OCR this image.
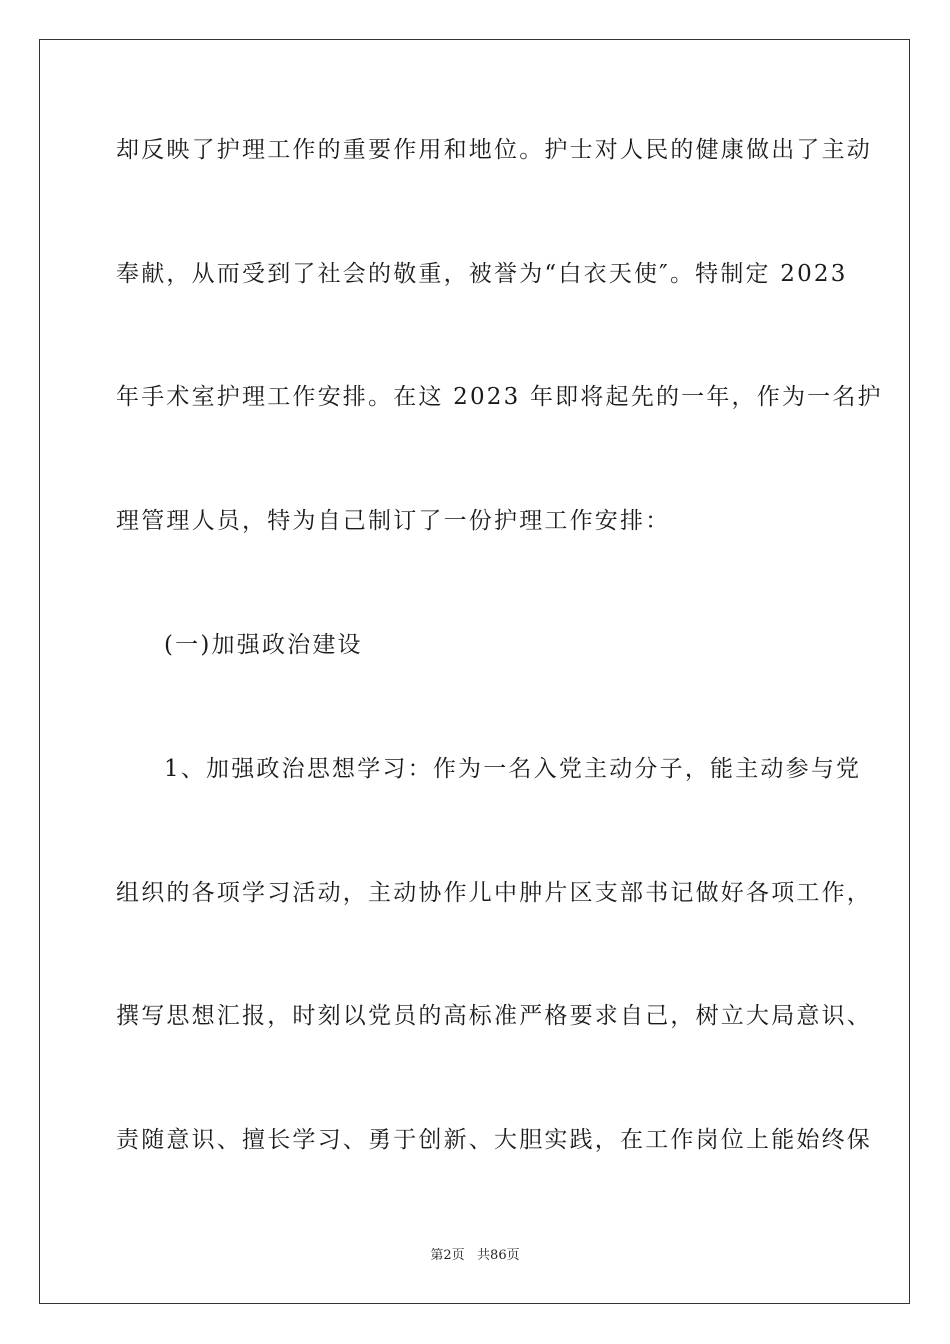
却反映了护理工作的重要作用和地位。护士对人民的健康做出了主动
奉献，从而受到了社会的敬重，被誉为“白衣天使″。特制定 2023
年手术室护理工作安排。在这 2023 年即将起先的一年，作为一名护
理管理人员，特为自己制订了一份护理工作安排：
(一)加强政治建设
1、加强政治思想学习：作为一名入党主动分子，能主动参与党
组织的各项学习活动，主动协作儿中肿片区支部书记做好各项工作，
撰写思想汇报，时刻以党员的高标准严格要求自己，树立大局意识、
责随意识、擅长学习、勇于创新、大胆实践，在工作岗位上能始终保
第2页   共86页
